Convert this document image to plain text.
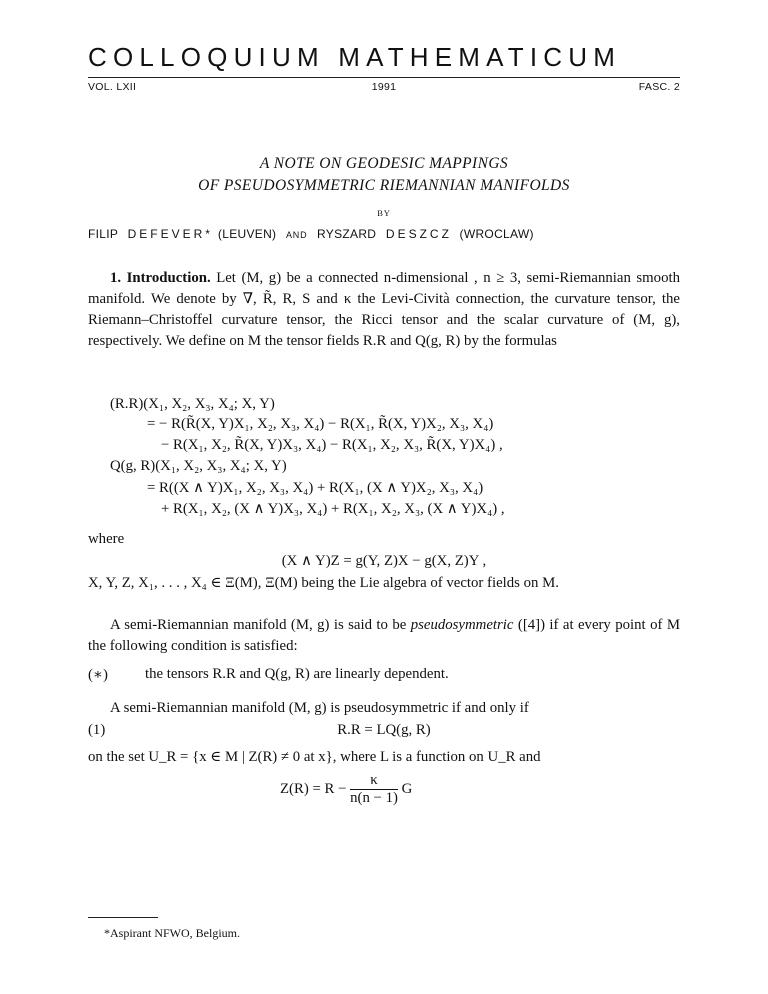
COLLOQUIUM MATHEMATICUM
VOL. LXII	1991	FASC. 2
A NOTE ON GEODESIC MAPPINGS
OF PSEUDOSYMMETRIC RIEMANNIAN MANIFOLDS
BY
FILIP DEFEVER* (LEUVEN) AND RYSZARD DESZCZ (WROCLAW)
1. Introduction. Let (M, g) be a connected n-dimensional , n ≥ 3, semi-Riemannian smooth manifold. We denote by ∇, R̃, R, S and κ the Levi-Cività connection, the curvature tensor, the Riemann–Christoffel curvature tensor, the Ricci tensor and the scalar curvature of (M, g), respectively. We define on M the tensor fields R.R and Q(g, R) by the formulas
(R.R)(X₁, X₂, X₃, X₄; X, Y)
= − R(R̃(X, Y)X₁, X₂, X₃, X₄) − R(X₁, R̃(X, Y)X₂, X₃, X₄)
− R(X₁, X₂, R̃(X, Y)X₃, X₄) − R(X₁, X₂, X₃, R̃(X, Y)X₄) ,
Q(g, R)(X₁, X₂, X₃, X₄; X, Y)
= R((X ∧ Y)X₁, X₂, X₃, X₄) + R(X₁, (X ∧ Y)X₂, X₃, X₄)
+ R(X₁, X₂, (X ∧ Y)X₃, X₄) + R(X₁, X₂, X₃, (X ∧ Y)X₄) ,
where
(X ∧ Y)Z = g(Y, Z)X − g(X, Z)Y ,
X, Y, Z, X₁, . . . , X₄ ∈ Ξ(M), Ξ(M) being the Lie algebra of vector fields on M.
A semi-Riemannian manifold (M, g) is said to be pseudosymmetric ([4]) if at every point of M the following condition is satisfied:
(∗)	the tensors R.R and Q(g, R) are linearly dependent.
A semi-Riemannian manifold (M, g) is pseudosymmetric if and only if
(1)	R.R = LQ(g, R)
on the set U_R = {x ∈ M | Z(R) ≠ 0 at x}, where L is a function on U_R and
$Z(R) = R - \frac{\kappa}{n(n - 1)}$ G
*Aspirant NFWO, Belgium.
